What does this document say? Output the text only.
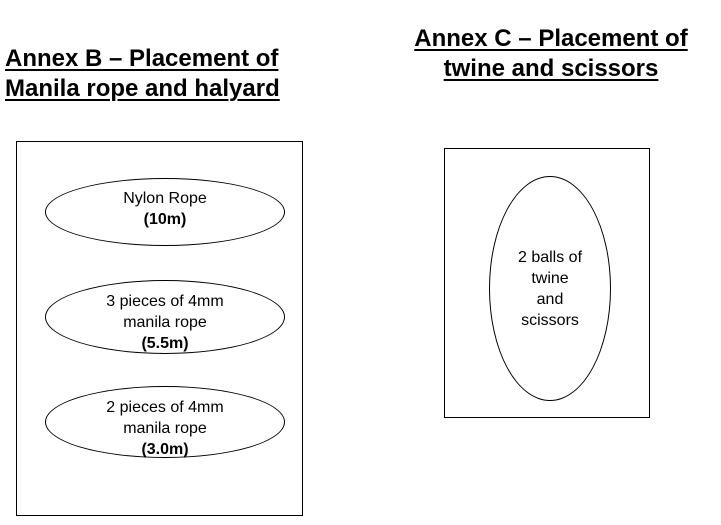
Annex B – Placement of
Manila rope and halyard
Annex C – Placement of
twine and scissors
Nylon Rope
(10m)
3 pieces of 4mm
manila rope
(5.5m)
2 pieces of 4mm
manila rope
(3.0m)
2 balls of
twine
and
scissors
